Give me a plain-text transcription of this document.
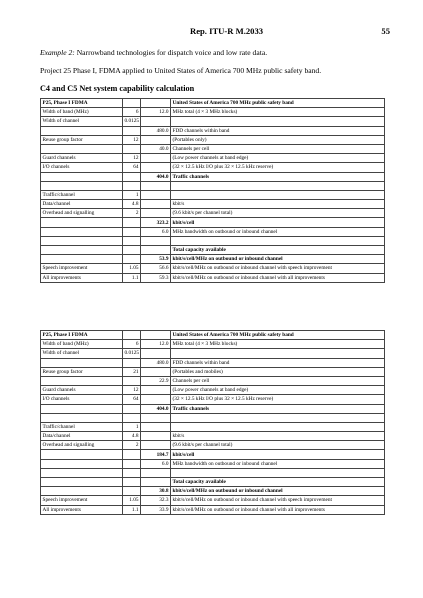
Rep. ITU-R M.2033	55
Example 2: Narrowband technologies for dispatch voice and low rate data.
Project 25 Phase I, FDMA applied to United States of America 700 MHz public safety band.
C4 and C5 Net system capability calculation
P25, Phase I FDMA			United States of America 700 MHz public safety band
Width of band (MHz)	6	12.0	MHz total (4 × 3 MHz blocks)
Width of channel	0.0125		
		480.0	FDD channels within band
Reuse group factor	12		(Portables only)
		40.0	Channels per cell
Guard channels	12		(Low power channels at band edge)
I/O channels	64		(32 × 12.5 kHz I/O plus 32 × 12.5 kHz reserve)
		404.0	Traffic channels

Traffic/channel	1		
Data/channel	4.8		kbit/s
Overhead and signalling	2		(9.6 kbit/s per channel total)
		323.2	kbit/s/cell
		6.0	MHz bandwidth on outbound or inbound channel

			Total capacity available
		53.9	kbit/s/cell/MHz on outbound or inbound channel
Speech improvement	1.05	56.6	kbit/s/cell/MHz on outbound or inbound channel with speech improvement
All improvements	1.1	59.3	kbit/s/cell/MHz on outbound or inbound channel with all improvements
P25, Phase I FDMA			United States of America 700 MHz public safety band
Width of band (MHz)	6	12.0	MHz total (4 × 3 MHz blocks)
Width of channel	0.0125		
		480.0	FDD channels within band
Reuse group factor	21		(Portables and mobiles)
		22.9	Channels per cell
Guard channels	12		(Low power channels at band edge)
I/O channels	64		(32 × 12.5 kHz I/O plus 32 × 12.5 kHz reserve)
		404.0	Traffic channels

Traffic/channel	1		
Data/channel	4.8		kbit/s
Overhead and signalling	2		(9.6 kbit/s per channel total)
		184.7	kbit/s/cell
		6.0	MHz bandwidth on outbound or inbound channel

			Total capacity available
		30.8	kbit/s/cell/MHz on outbound or inbound channel
Speech improvement	1.05	32.3	kbit/s/cell/MHz on outbound or inbound channel with speech improvement
All improvements	1.1	33.9	kbit/s/cell/MHz on outbound or inbound channel with all improvements
